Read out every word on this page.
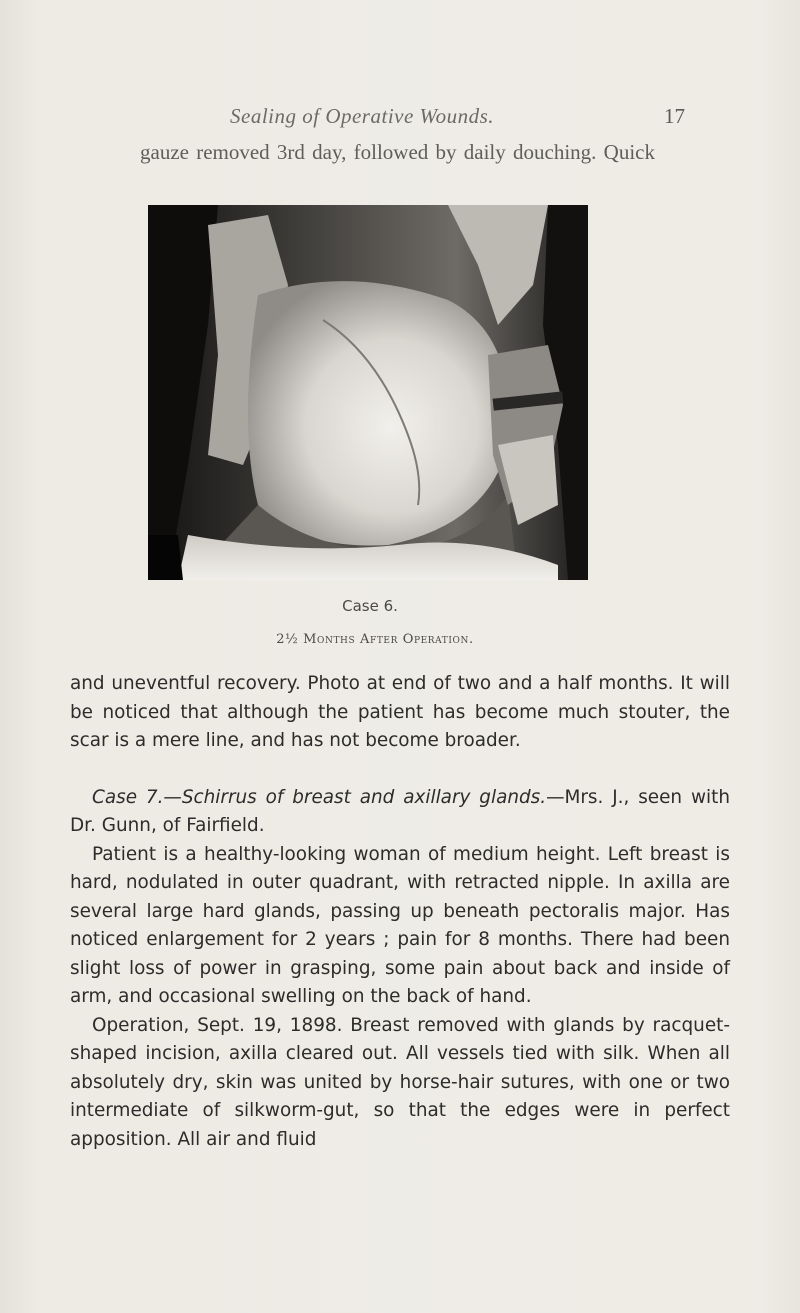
Sealing of Operative Wounds.	17
gauze removed 3rd day, followed by daily douching. Quick
Case 6.
2½ Months After Operation.

and uneventful recovery. Photo at end of two and a half months. It will be noticed that although the patient has become much stouter, the scar is a mere line, and has not become broader.

Case 7.—Schirrus of breast and axillary glands.—Mrs. J., seen with Dr. Gunn, of Fairfield.

Patient is a healthy-looking woman of medium height. Left breast is hard, nodulated in outer quadrant, with retracted nipple. In axilla are several large hard glands, passing up beneath pectoralis major. Has noticed enlargement for 2 years ; pain for 8 months. There had been slight loss of power in grasping, some pain about back and inside of arm, and occasional swelling on the back of hand.

Operation, Sept. 19, 1898. Breast removed with glands by racquet-shaped incision, axilla cleared out. All vessels tied with silk. When all absolutely dry, skin was united by horse-hair sutures, with one or two intermediate of silkworm-gut, so that the edges were in perfect apposition. All air and fluid
